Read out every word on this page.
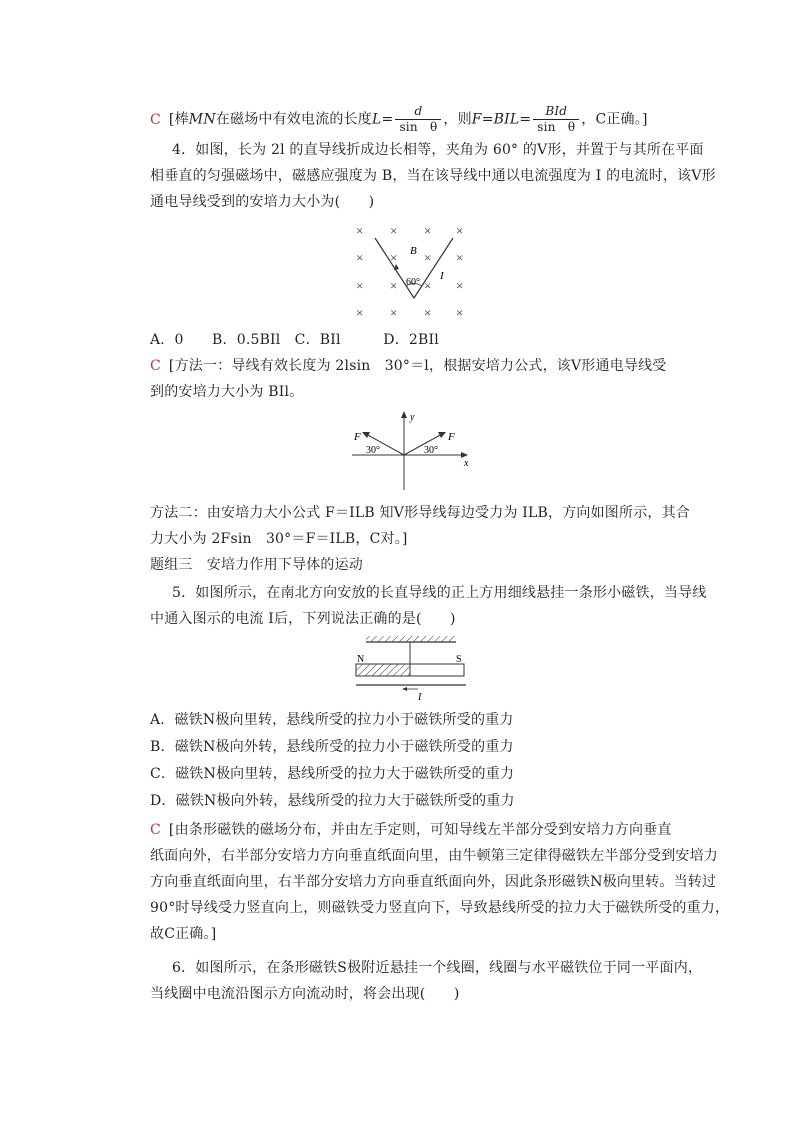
C [棒MN在磁场中有效电流的长度$L= \frac{d}{\text{sin　θ}}$ ，则$F=BIL= \frac{\text{BId}}{\text{sin　θ}}$ ，C正确。]
4．如图，长为 2l 的直导线折成边长相等，夹角为 60° 的V形，并置于与其所在平面
相垂直的匀强磁场中，磁感应强度为 B，当在该导线中通以电流强度为 I 的电流时，该V形
通电导线受到的安培力大小为(　　)
× × × ×
× × × ×
× × × ×
× × × ×
60°
B
I
A．0　　B．0.5BIl　C．BIl　　　D．2BIl
C [方法一：导线有效长度为 2lsin　30°＝l，根据安培力公式，该V形通电导线受
到的安培力大小为 BIl。
y
x
F	F
30°	30°
方法二：由安培力大小公式 F＝ILB 知V形导线每边受力为 ILB，方向如图所示，其合
力大小为 2Fsin　30°＝F＝ILB，C对。]
题组三　安培力作用下导体的运动
5．如图所示，在南北方向安放的长直导线的正上方用细线悬挂一条形小磁铁，当导线
中通入图示的电流 I后，下列说法正确的是(　　)
N	S
I
A．磁铁N极向里转，悬线所受的拉力小于磁铁所受的重力
B．磁铁N极向外转，悬线所受的拉力小于磁铁所受的重力
C．磁铁N极向里转，悬线所受的拉力大于磁铁所受的重力
D．磁铁N极向外转，悬线所受的拉力大于磁铁所受的重力
C [由条形磁铁的磁场分布，并由左手定则，可知导线左半部分受到安培力方向垂直
纸面向外，右半部分安培力方向垂直纸面向里，由牛顿第三定律得磁铁左半部分受到安培力
方向垂直纸面向里，右半部分安培力方向垂直纸面向外，因此条形磁铁N极向里转。当转过
90°时导线受力竖直向上，则磁铁受力竖直向下，导致悬线所受的拉力大于磁铁所受的重力，
故C正确。]
6．如图所示，在条形磁铁S极附近悬挂一个线圈，线圈与水平磁铁位于同一平面内，
当线圈中电流沿图示方向流动时，将会出现(　　)
